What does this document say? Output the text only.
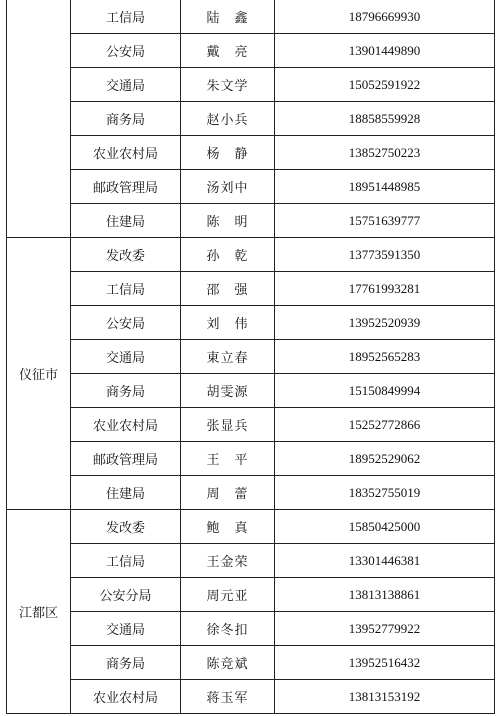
	工信局	陆　鑫	18796669930
	公安局	戴　亮	13901449890
	交通局	朱文学	15052591922
	商务局	赵小兵	18858559928
	农业农村局	杨　静	13852750223
	邮政管理局	汤刘中	18951448985
	住建局	陈　明	15751639777
仪征市	发改委	孙　乾	13773591350
	工信局	邵　强	17761993281
	公安局	刘　伟	13952520939
	交通局	東立春	18952565283
	商务局	胡雯源	15150849994
	农业农村局	张显兵	15252772866
	邮政管理局	王　平	18952529062
	住建局	周　蕾	18352755019
江都区	发改委	鲍　真	15850425000
	工信局	王金荣	13301446381
	公安分局	周元亚	13813138861
	交通局	徐冬扣	13952779922
	商务局	陈竞斌	13952516432
	农业农村局	蒋玉军	13813153192
